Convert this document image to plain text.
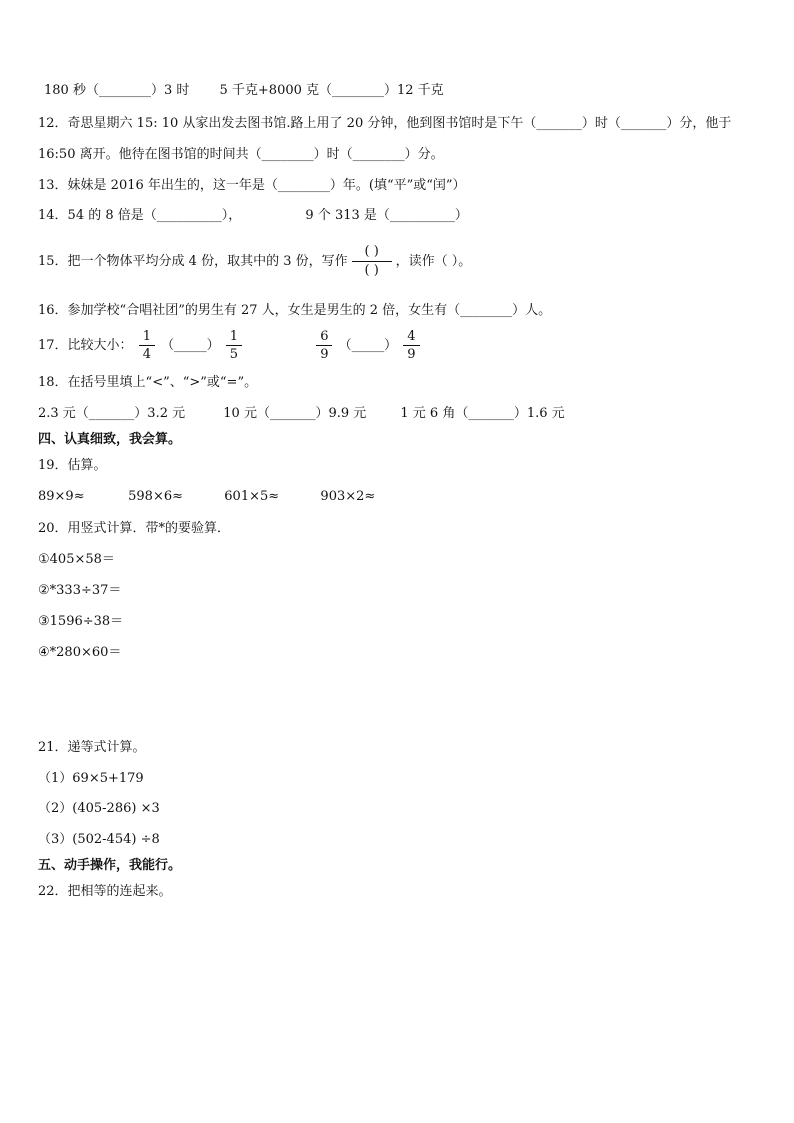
180 秒（________）3 时 5 千克+8000 克（________）12 千克
12．奇思星期六 15: 10 从家出发去图书馆.路上用了 20 分钟，他到图书馆时是下午（_______）时（_______）分，他于
16:50 离开。他待在图书馆的时间共（________）时（________）分。
13．妹妹是 2016 年出生的，这一年是（________）年。(填“平”或“闰”）
14．54 的 8 倍是（__________），	9 个 313 是（__________）
15．把一个物体平均分成 4 份，取其中的 3 份，写作 $\frac{( )}{( )}$ ，读作（ ）。
16．参加学校“合唱社团”的男生有 27 人，女生是男生的 2 倍，女生有（________）人。
17．比较大小： $\frac{1}{4}$ （_____） $\frac{1}{5}$
	$\frac{6}{9}$ （_____） $\frac{4}{9}$
18．在括号里填上“<”、“>”或“=”。
2.3 元（_______）3.2 元	10 元（_______）9.9 元	1 元 6 角（_______）1.6 元
四、认真细致，我会算。
19．估算。
89×9≈	598×6≈	601×5≈	903×2≈
20．用竖式计算．带*的要验算．
①405×58＝
②*333÷37＝
③1596÷38＝
④*280×60＝
21．递等式计算。
（1）69×5+179
（2）(405-286) ×3
（3）(502-454) ÷8
五、动手操作，我能行。
22．把相等的连起来。
